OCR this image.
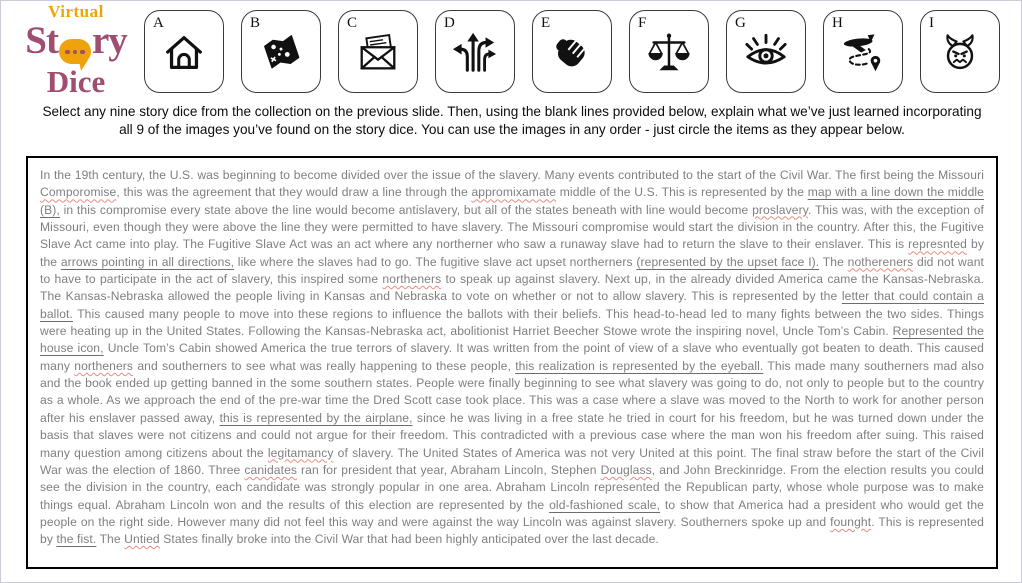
Virtual
St ry
Dice
A	B	C	D	E	F	G	H	I
Select any nine story dice from the collection on the previous slide. Then, using the blank lines provided below, explain what we’ve just learned incorporating all 9 of the images you’ve found on the story dice. You can use the images in any order - just circle the items as they appear below.
In the 19th century, the U.S. was beginning to become divided over the issue of the slavery. Many events contributed to the start of the Civil War. The first being the Missouri Comporomise, this was the agreement that they would draw a line through the appromixamate middle of the U.S. This is represented by the map with a line down the middle (B), in this compromise every state above the line would become antislavery, but all of the states beneath with line would become proslavery. This was, with the exception of Missouri, even though they were above the line they were permitted to have slavery. The Missouri compromise would start the division in the country. After this, the Fugitive Slave Act came into play. The Fugitive Slave Act was an act where any northerner who saw a runaway slave had to return the slave to their enslaver. This is represnted by the arrows pointing in all directions, like where the slaves had to go. The fugitive slave act upset northerners (represented by the upset face I). The nothereners did not want to have to participate in the act of slavery, this inspired some northeners to speak up against slavery. Next up, in the already divided America came the Kansas-Nebraska. The Kansas-Nebraska allowed the people living in Kansas and Nebraska to vote on whether or not to allow slavery. This is represented by the letter that could contain a ballot. This caused many people to move into these regions to influence the ballots with their beliefs. This head-to-head led to many fights between the two sides. Things were heating up in the United States. Following the Kansas-Nebraska act, abolitionist Harriet Beecher Stowe wrote the inspiring novel, Uncle Tom’s Cabin. Represented the house icon, Uncle Tom’s Cabin showed America the true terrors of slavery. It was written from the point of view of a slave who eventually got beaten to death. This caused many northeners and southerners to see what was really happening to these people, this realization is represented by the eyeball. This made many southerners mad also and the book ended up getting banned in the some southern states. People were finally beginning to see what slavery was going to do, not only to people but to the country as a whole. As we approach the end of the pre-war time the Dred Scott case took place. This was a case where a slave was moved to the North to work for another person after his enslaver passed away, this is represented by the airplane, since he was living in a free state he tried in court for his freedom, but he was turned down under the basis that slaves were not citizens and could not argue for their freedom. This contradicted with a previous case where the man won his freedom after suing. This raised many question among citizens about the legitamancy of slavery. The United States of America was not very United at this point. The final straw before the start of the Civil War was the election of 1860. Three canidates ran for president that year, Abraham Lincoln, Stephen Douglass, and John Breckinridge. From the election results you could see the division in the country, each candidate was strongly popular in one area. Abraham Lincoln represented the Republican party, whose whole purpose was to make things equal. Abraham Lincoln won and the results of this election are represented by the old-fashioned scale, to show that America had a president who would get the people on the right side. However many did not feel this way and were against the way Lincoln was against slavery. Southerners spoke up and founght. This is represented by the fist. The Untied States finally broke into the Civil War that had been highly anticipated over the last decade.
